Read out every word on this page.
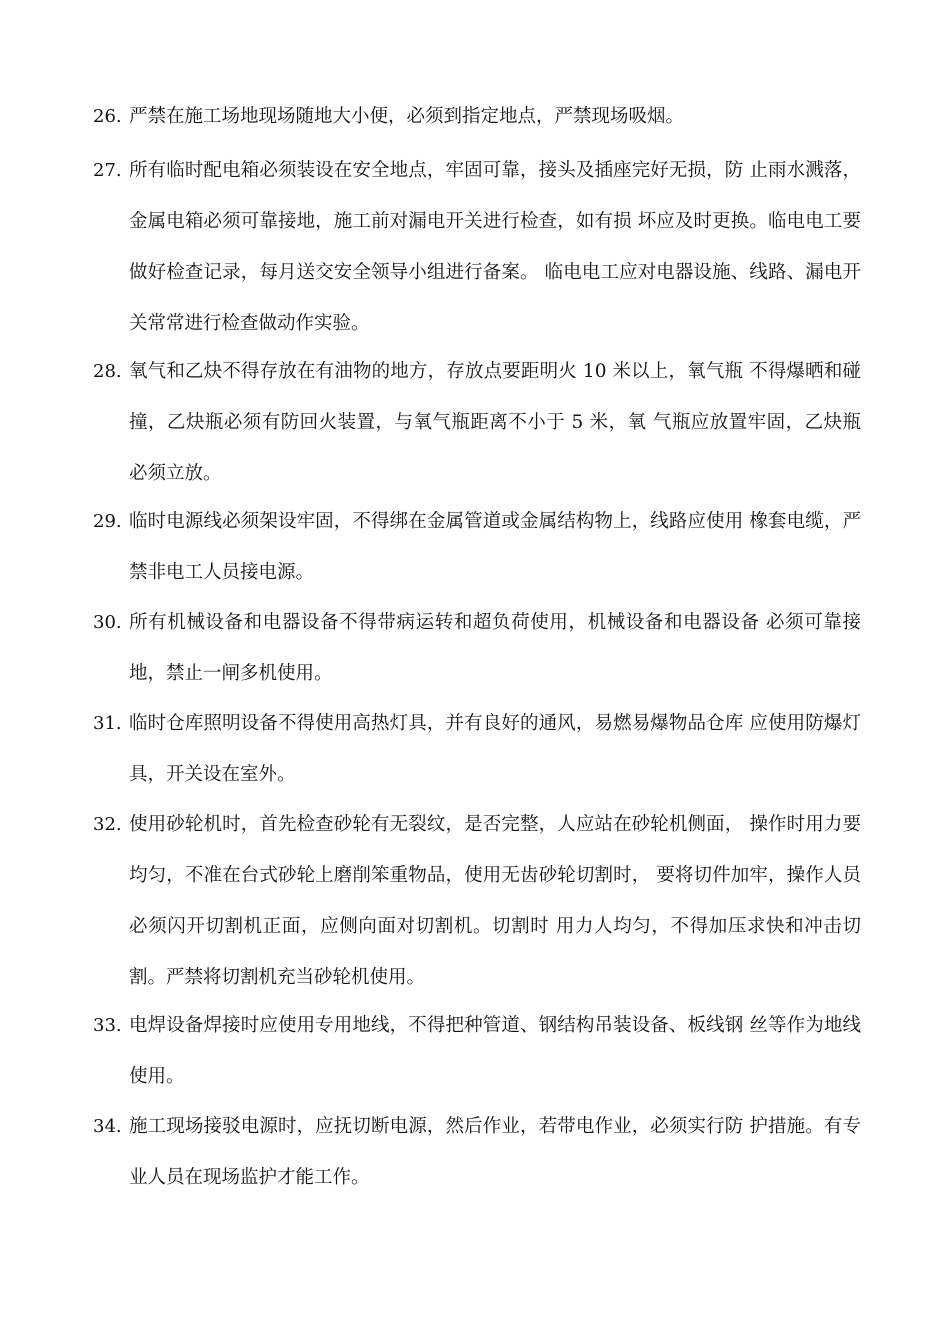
26. 严禁在施工场地现场随地大小便，必须到指定地点，严禁现场吸烟。
27. 所有临时配电箱必须装设在安全地点，牢固可靠，接头及插座完好无损，防 止雨水溅落，金属电箱必须可靠接地，施工前对漏电开关进行检查，如有损 坏应及时更换。临电电工要做好检查记录，每月送交安全领导小组进行备案。 临电电工应对电器设施、线路、漏电开关常常进行检查做动作实验。
28. 氧气和乙炔不得存放在有油物的地方，存放点要距明火 10 米以上，氧气瓶 不得爆晒和碰撞，乙炔瓶必须有防回火装置，与氧气瓶距离不小于 5 米，氧 气瓶应放置牢固，乙炔瓶必须立放。
29. 临时电源线必须架设牢固，不得绑在金属管道或金属结构物上，线路应使用 橡套电缆，严禁非电工人员接电源。
30. 所有机械设备和电器设备不得带病运转和超负荷使用，机械设备和电器设备 必须可靠接地，禁止一闸多机使用。
31. 临时仓库照明设备不得使用高热灯具，并有良好的通风，易燃易爆物品仓库 应使用防爆灯具，开关设在室外。
32. 使用砂轮机时，首先检查砂轮有无裂纹，是否完整，人应站在砂轮机侧面， 操作时用力要均匀，不准在台式砂轮上磨削笨重物品，使用无齿砂轮切割时， 要将切件加牢，操作人员必须闪开切割机正面，应侧向面对切割机。切割时 用力人均匀，不得加压求快和冲击切割。严禁将切割机充当砂轮机使用。
33. 电焊设备焊接时应使用专用地线，不得把种管道、钢结构吊装设备、板线钢 丝等作为地线使用。
34. 施工现场接驳电源时，应抚切断电源，然后作业，若带电作业，必须实行防 护措施。有专业人员在现场监护才能工作。
